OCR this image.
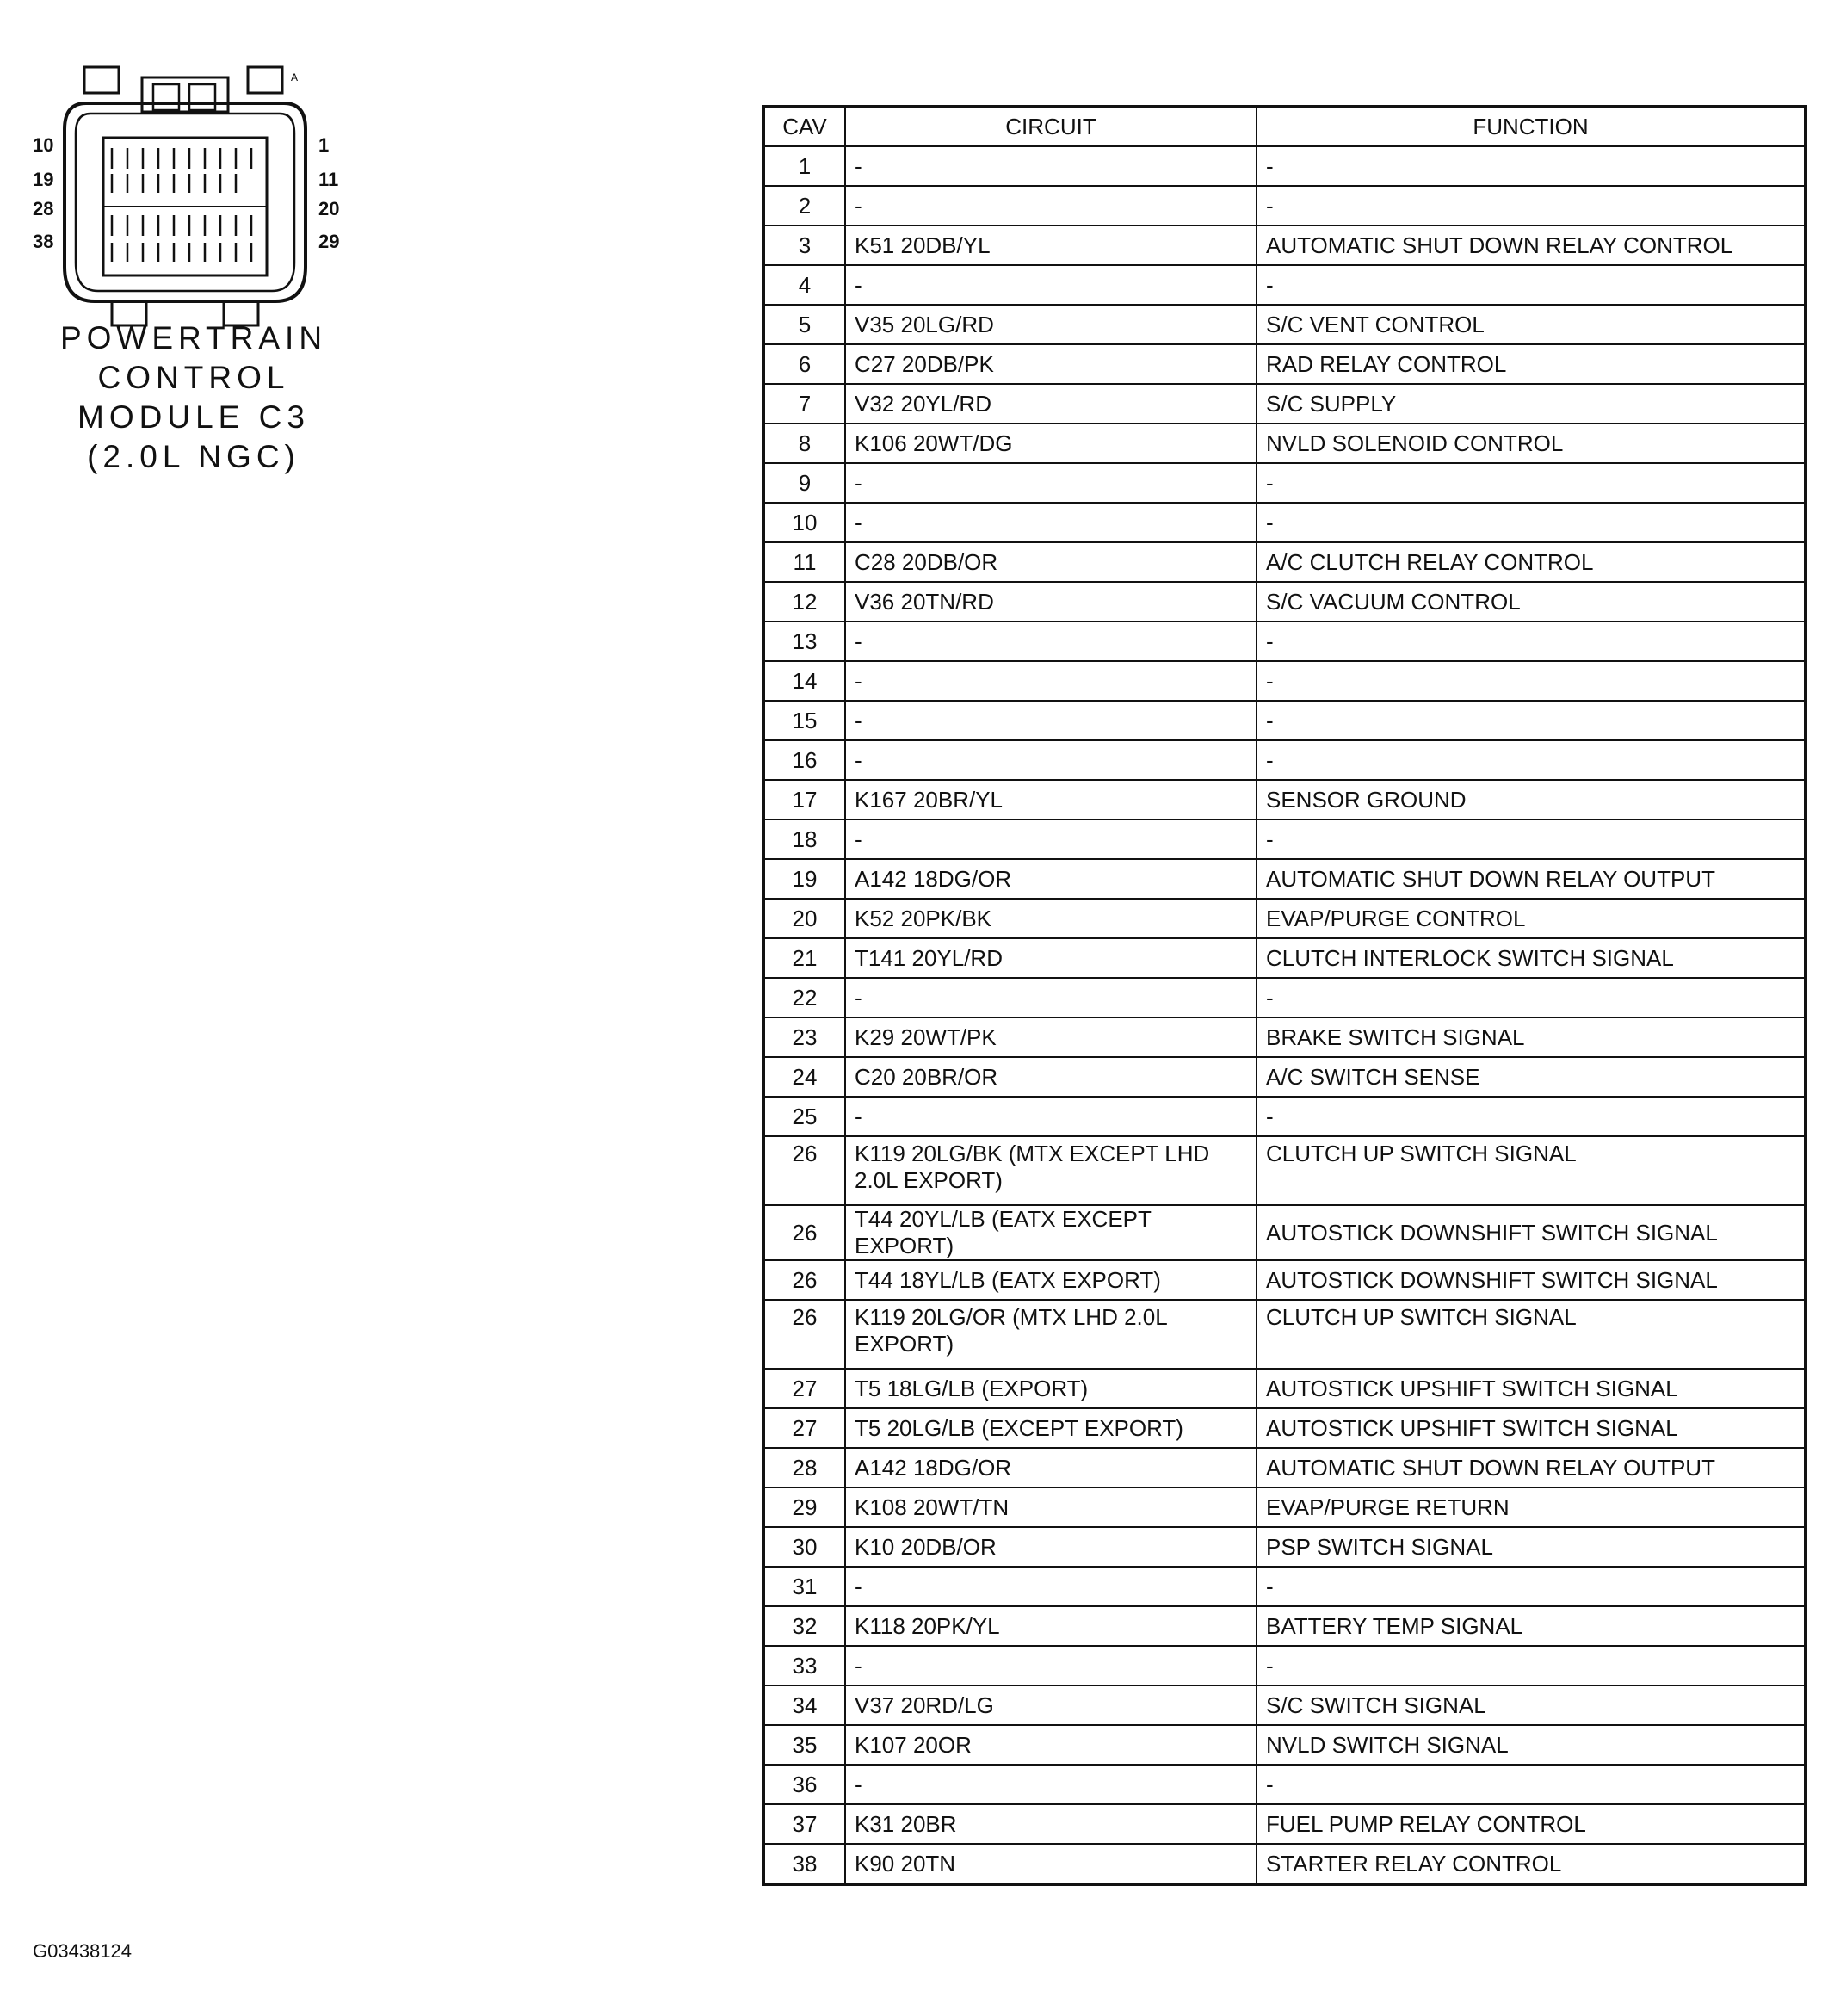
A
10
19
28
38
1
11
20
29
POWERTRAIN
CONTROL
MODULE C3
(2.0L NGC)
CAV	CIRCUIT	FUNCTION

1	-	-

2	-	-

3	K51 20DB/YL	AUTOMATIC SHUT DOWN RELAY CONTROL

4	-	-

5	V35 20LG/RD	S/C VENT CONTROL

6	C27 20DB/PK	RAD RELAY CONTROL

7	V32 20YL/RD	S/C SUPPLY

8	K106 20WT/DG	NVLD SOLENOID CONTROL

9	-	-

10	-	-

11	C28 20DB/OR	A/C CLUTCH RELAY CONTROL

12	V36 20TN/RD	S/C VACUUM CONTROL

13	-	-

14	-	-

15	-	-

16	-	-

17	K167 20BR/YL	SENSOR GROUND

18	-	-

19	A142 18DG/OR	AUTOMATIC SHUT DOWN RELAY OUTPUT

20	K52 20PK/BK	EVAP/PURGE CONTROL

21	T141 20YL/RD	CLUTCH INTERLOCK SWITCH SIGNAL

22	-	-

23	K29 20WT/PK	BRAKE SWITCH SIGNAL

24	C20 20BR/OR	A/C SWITCH SENSE

25	-	-

26	K119 20LG/BK (MTX EXCEPT LHD 2.0L EXPORT)	CLUTCH UP SWITCH SIGNAL

26	T44 20YL/LB (EATX EXCEPT EXPORT)	AUTOSTICK DOWNSHIFT SWITCH SIGNAL

26	T44 18YL/LB (EATX EXPORT)	AUTOSTICK DOWNSHIFT SWITCH SIGNAL

26	K119 20LG/OR (MTX LHD 2.0L EXPORT)	CLUTCH UP SWITCH SIGNAL

27	T5 18LG/LB (EXPORT)	AUTOSTICK UPSHIFT SWITCH SIGNAL

27	T5 20LG/LB (EXCEPT EXPORT)	AUTOSTICK UPSHIFT SWITCH SIGNAL

28	A142 18DG/OR	AUTOMATIC SHUT DOWN RELAY OUTPUT

29	K108 20WT/TN	EVAP/PURGE RETURN

30	K10 20DB/OR	PSP SWITCH SIGNAL

31	-	-

32	K118 20PK/YL	BATTERY TEMP SIGNAL

33	-	-

34	V37 20RD/LG	S/C SWITCH SIGNAL

35	K107 20OR	NVLD SWITCH SIGNAL

36	-	-

37	K31 20BR	FUEL PUMP RELAY CONTROL

38	K90 20TN	STARTER RELAY CONTROL
G03438124
